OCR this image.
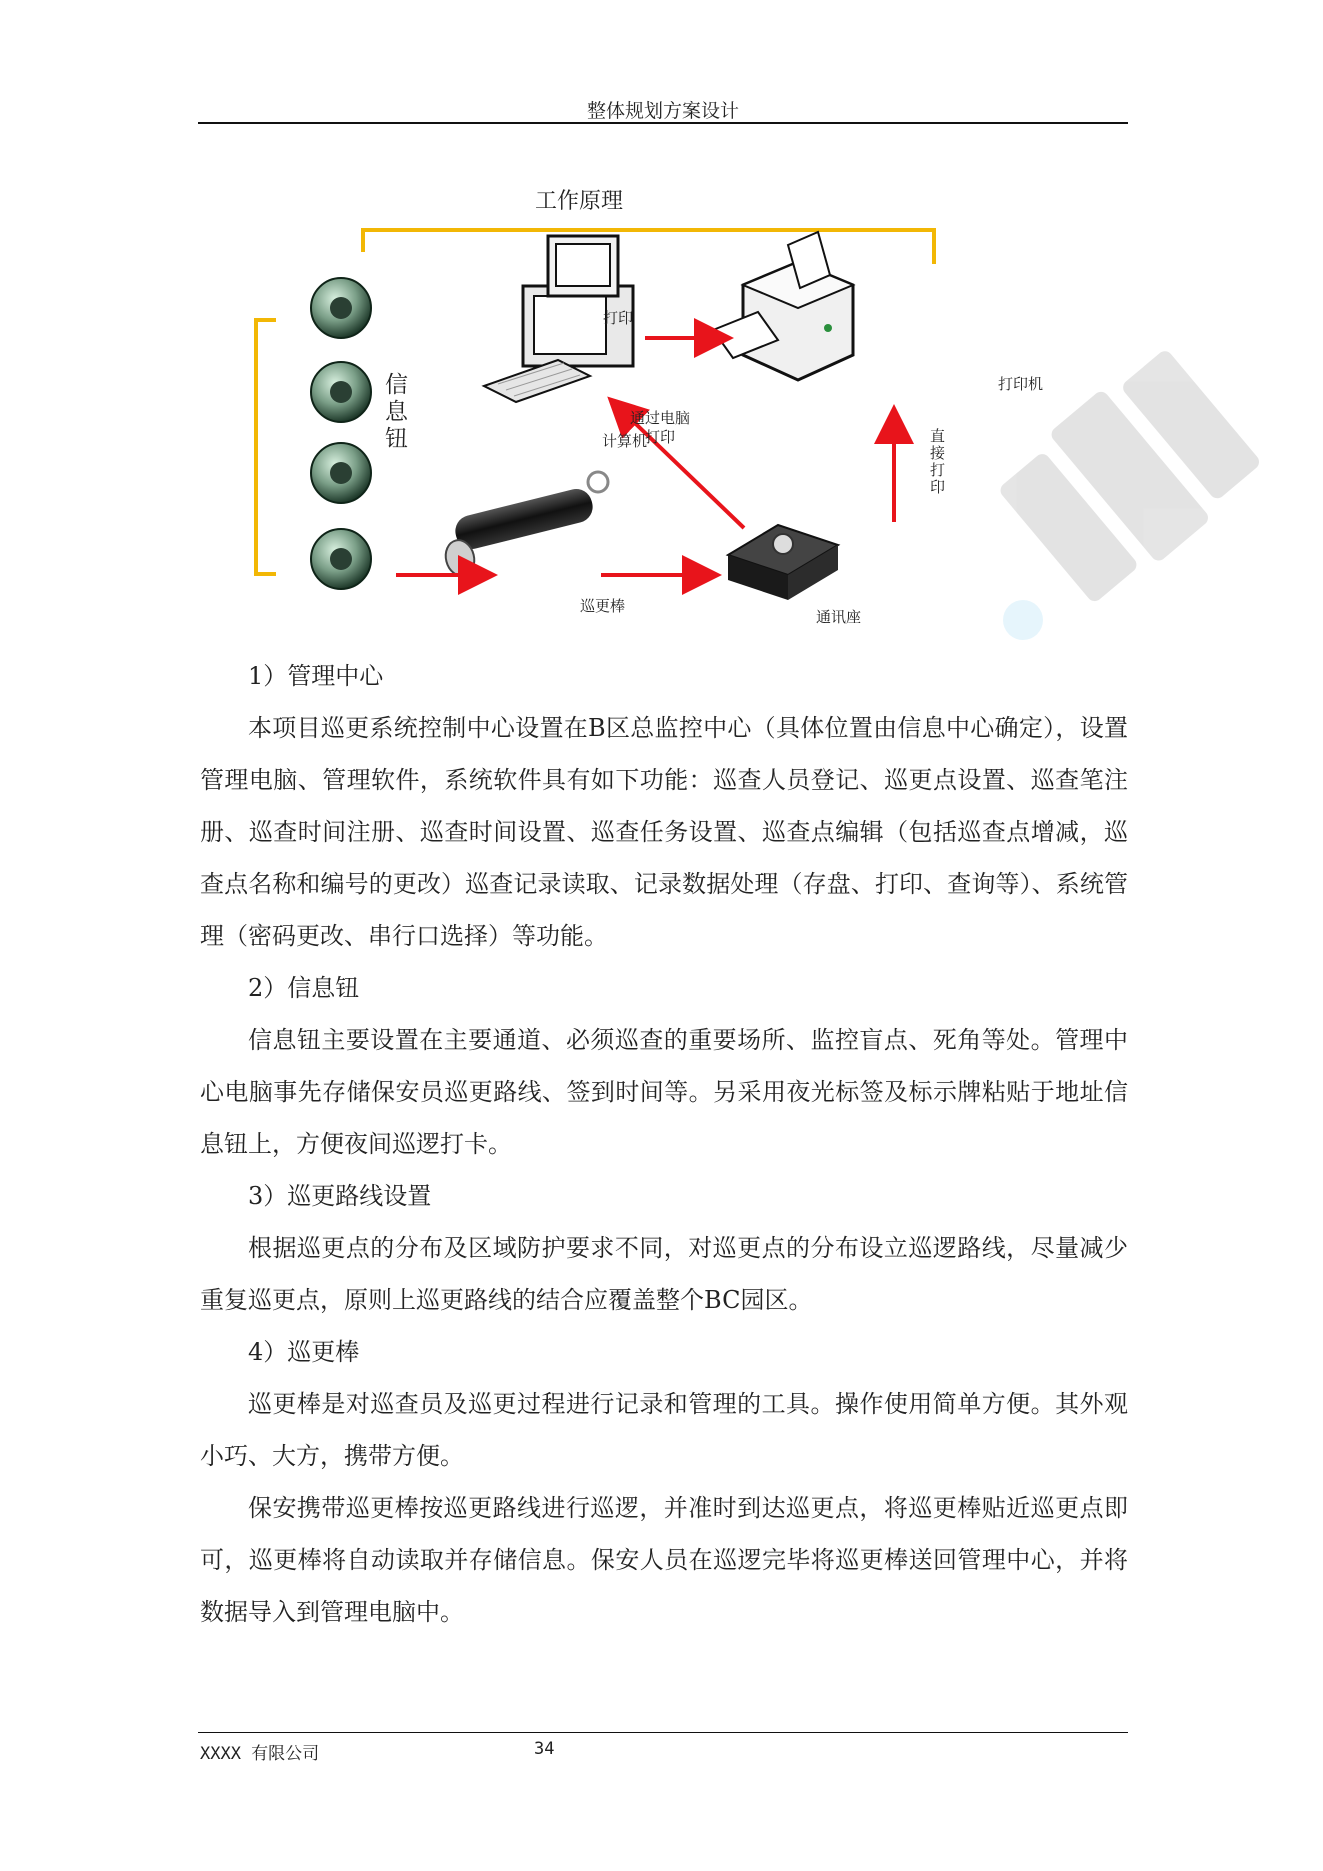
整体规划方案设计
工作原理
信息钮
打印
打印机
计算机
通过电脑
打印	直接打印
巡更棒
通讯座
1）管理中心

本项目巡更系统控制中心设置在B区总监控中心（具体位置由信息中心确定），设置管理电脑、管理软件，系统软件具有如下功能：巡查人员登记、巡更点设置、巡查笔注册、巡查时间注册、巡查时间设置、巡查任务设置、巡查点编辑（包括巡查点增减，巡查点名称和编号的更改）巡查记录读取、记录数据处理（存盘、打印、查询等）、系统管理（密码更改、串行口选择）等功能。

2）信息钮

信息钮主要设置在主要通道、必须巡查的重要场所、监控盲点、死角等处。管理中心电脑事先存储保安员巡更路线、签到时间等。另采用夜光标签及标示牌粘贴于地址信息钮上，方便夜间巡逻打卡。

3）巡更路线设置

根据巡更点的分布及区域防护要求不同，对巡更点的分布设立巡逻路线，尽量减少重复巡更点，原则上巡更路线的结合应覆盖整个BC园区。

4）巡更棒

巡更棒是对巡查员及巡更过程进行记录和管理的工具。操作使用简单方便。其外观小巧、大方，携带方便。

保安携带巡更棒按巡更路线进行巡逻，并准时到达巡更点，将巡更棒贴近巡更点即可，巡更棒将自动读取并存储信息。保安人员在巡逻完毕将巡更棒送回管理中心，并将数据导入到管理电脑中。

XXXX 有限公司	34
